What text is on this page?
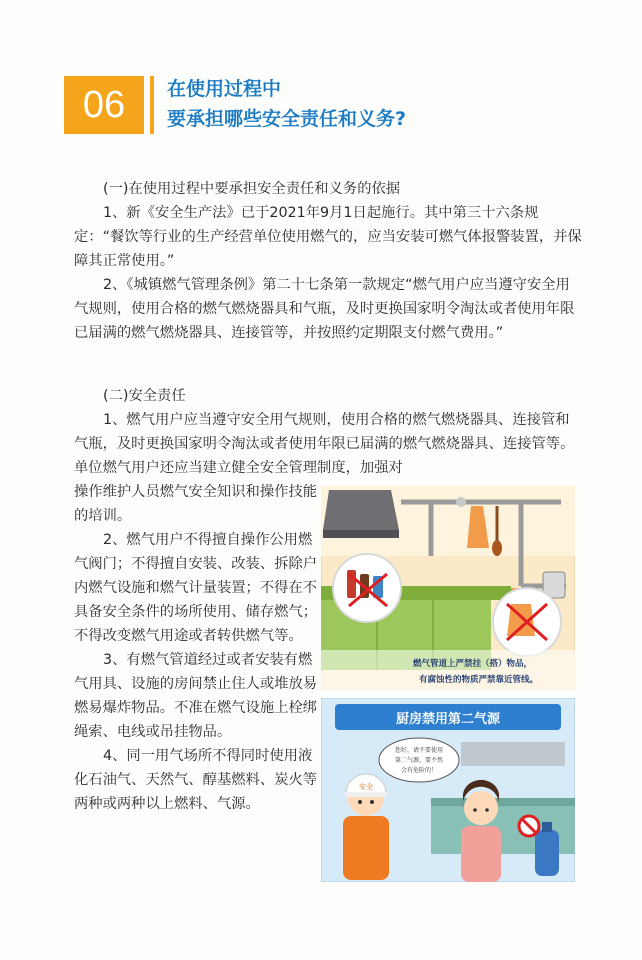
06	在使用过程中
要承担哪些安全责任和义务?

(一)在使用过程中要承担安全责任和义务的依据

1、新《安全生产法》已于2021年9月1日起施行。其中第三十六条规定：“餐饮等行业的生产经营单位使用燃气的，应当安装可燃气体报警装置，并保障其正常使用。”

2、《城镇燃气管理条例》第二十七条第一款规定“燃气用户应当遵守安全用气规则，使用合格的燃气燃烧器具和气瓶，及时更换国家明令淘汰或者使用年限已届满的燃气燃烧器具、连接管等，并按照约定期限支付燃气费用。”

(二)安全责任

1、燃气用户应当遵守安全用气规则，使用合格的燃气燃烧器具、连接管和气瓶，及时更换国家明令淘汰或者使用年限已届满的燃气燃烧器具、连接管等。单位燃气用户还应当建立健全安全管理制度，加强对

操作维护人员燃气安全知识和操作技能的培训。

2、燃气用户不得擅自操作公用燃气阀门；不得擅自安装、改装、拆除户内燃气设施和燃气计量装置；不得在不具备安全条件的场所使用、储存燃气；不得改变燃气用途或者转供燃气等。

3、有燃气管道经过或者安装有燃气用具、设施的房间禁止住人或堆放易燃易爆炸物品。不准在燃气设施上栓绑绳索、电线或吊挂物品。

4、同一用气场所不得同时使用液化石油气、天然气、醇基燃料、炭火等两种或两种以上燃料、气源。

燃气管道上严禁挂（搭）物品，
有腐蚀性的物质严禁靠近管线。
厨房禁用第二气源
您好，请不要使用
第二气源，要不然
会有危险的！
安全
